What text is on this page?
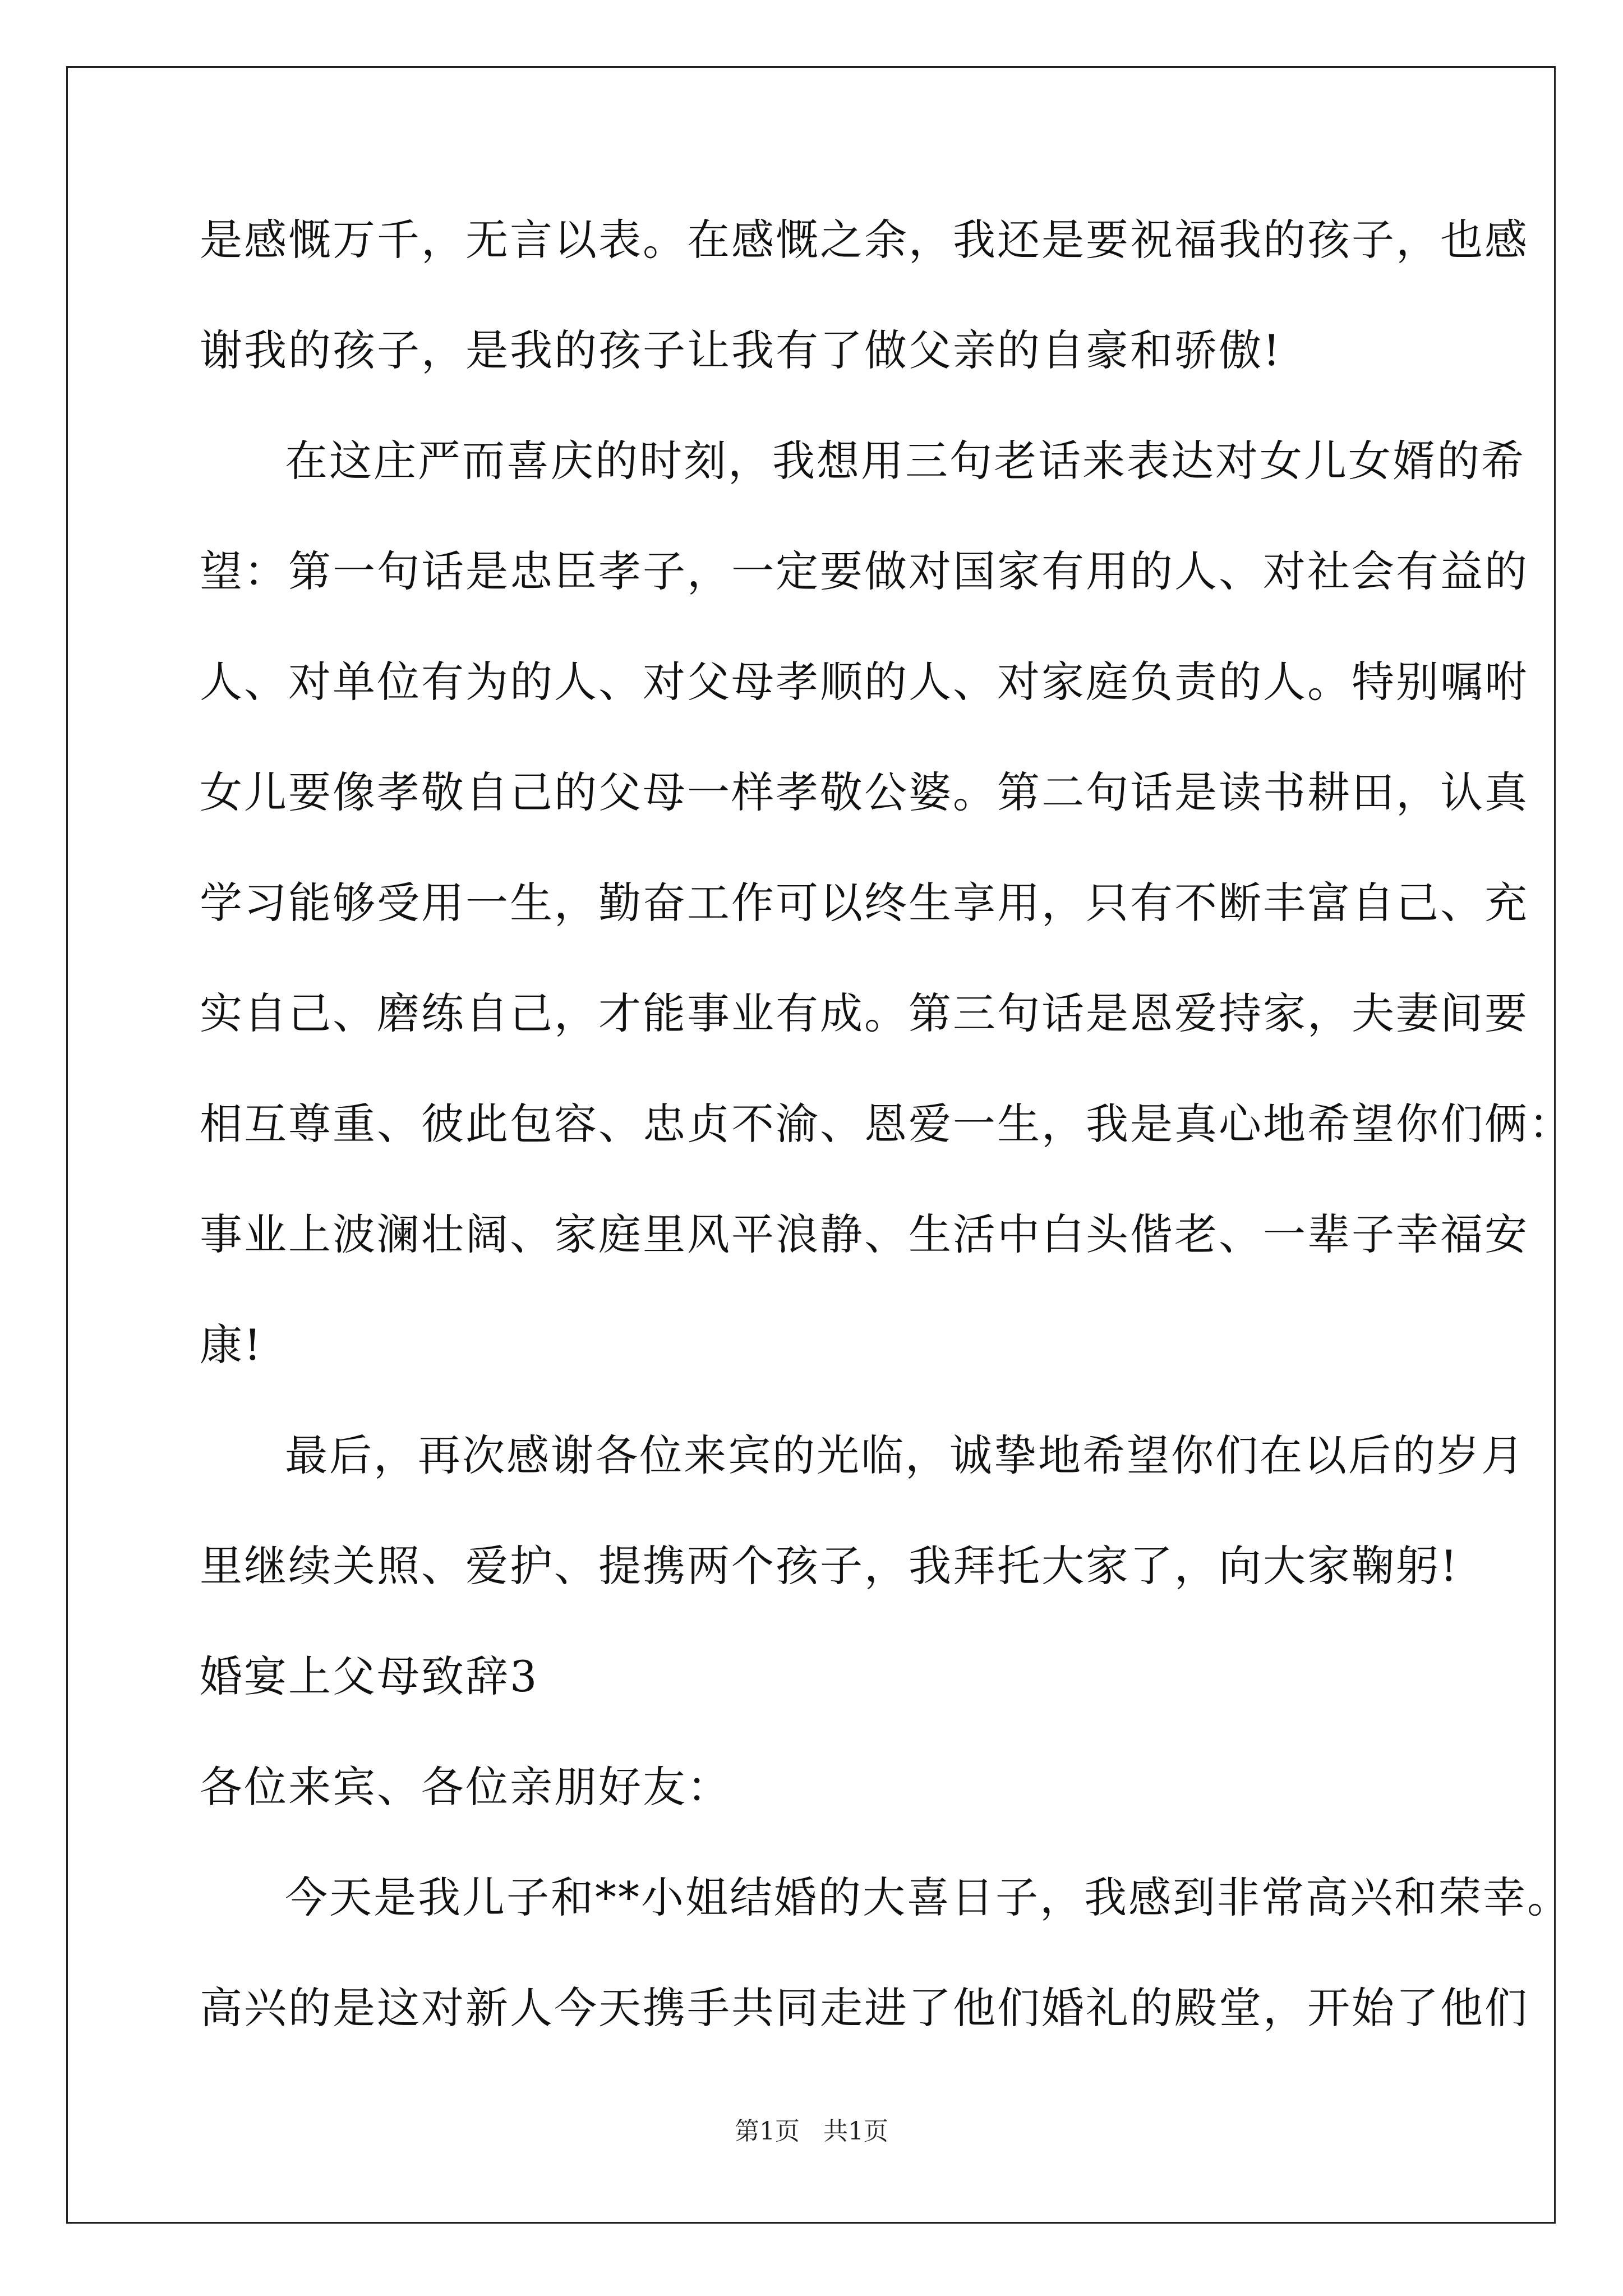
是感慨万千，无言以表。在感慨之余，我还是要祝福我的孩子，也感
谢我的孩子，是我的孩子让我有了做父亲的自豪和骄傲!
在这庄严而喜庆的时刻，我想用三句老话来表达对女儿女婿的希
望：第一句话是忠臣孝子，一定要做对国家有用的人、对社会有益的
人、对单位有为的人、对父母孝顺的人、对家庭负责的人。特别嘱咐
女儿要像孝敬自己的父母一样孝敬公婆。第二句话是读书耕田，认真
学习能够受用一生，勤奋工作可以终生享用，只有不断丰富自己、充
实自己、磨练自己，才能事业有成。第三句话是恩爱持家，夫妻间要
相互尊重、彼此包容、忠贞不渝、恩爱一生，我是真心地希望你们俩：
事业上波澜壮阔、家庭里风平浪静、生活中白头偕老、一辈子幸福安
康!
最后，再次感谢各位来宾的光临，诚挚地希望你们在以后的岁月
里继续关照、爱护、提携两个孩子，我拜托大家了，向大家鞠躬!
婚宴上父母致辞3
各位来宾、各位亲朋好友：
今天是我儿子和**小姐结婚的大喜日子，我感到非常高兴和荣幸。
高兴的是这对新人今天携手共同走进了他们婚礼的殿堂，开始了他们
第1页   共1页
